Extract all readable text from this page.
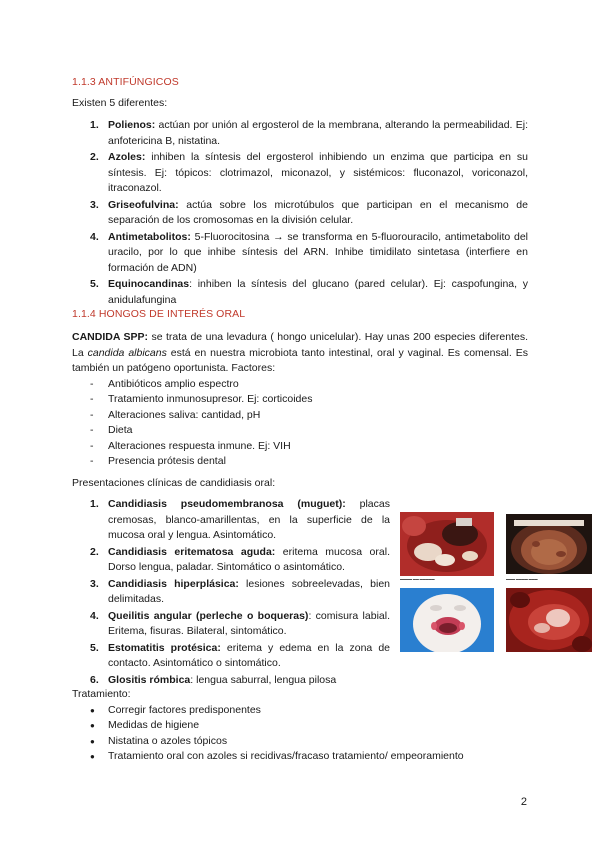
1.1.3 ANTIFÚNGICOS
Existen 5 diferentes:
1. Polienos: actúan por unión al ergosterol de la membrana, alterando la permeabilidad. Ej: anfotericina B, nistatina.
2. Azoles: inhiben la síntesis del ergosterol inhibiendo un enzima que participa en su síntesis. Ej: tópicos: clotrimazol, miconazol, y sistémicos: fluconazol, voriconazol, itraconazol.
3. Griseofulvina: actúa sobre los microtúbulos que participan en el mecanismo de separación de los cromosomas en la división celular.
4. Antimetabolitos: 5-Fluorocitosina → se transforma en 5-fluorouracilo, antimetabolito del uracilo, por lo que inhibe síntesis del ARN. Inhibe timidilato sintetasa (interfiere en formación de ADN)
5. Equinocandinas: inhiben la síntesis del glucano (pared celular). Ej: caspofungina, y anidulafungina
1.1.4 HONGOS DE INTERÉS ORAL
CANDIDA SPP: se trata de una levadura ( hongo unicelular). Hay unas 200 especies diferentes. La candida albicans está en nuestra microbiota tanto intestinal, oral y vaginal. Es comensal. Es también un patógeno oportunista. Factores:
- Antibióticos amplio espectro
- Tratamiento inmunosupresor. Ej: corticoides
- Alteraciones saliva: cantidad, pH
- Dieta
- Alteraciones respuesta inmune. Ej: VIH
- Presencia prótesis dental
Presentaciones clínicas de candidiasis oral:
1. Candidiasis pseudomembranosa (muguet): placas cremosas, blanco-amarillentas, en la superficie de la mucosa oral y lengua. Asintomático.
2. Candidiasis eritematosa aguda: eritema mucosa oral. Dorso lengua, paladar. Sintomático o asintomático.
3. Candidiasis hiperplásica: lesiones sobreelevadas, bien delimitadas.
4. Queilitis angular (perleche o boqueras): comisura labial. Eritema, fisuras. Bilateral, sintomático.
5. Estomatitis protésica: eritema y edema en la zona de contacto. Asintomático o sintomático.
6. Glositis rómbica: lengua saburral, lengua pilosa
▬▬▬▬ ▬▬ ▬▬▬▬▬	▬▬▬ ▬▬▬▬ ▬▬▬
Tratamiento:
● Corregir factores predisponentes
● Medidas de higiene
● Nistatina o azoles tópicos
● Tratamiento oral con azoles si recidivas/fracaso tratamiento/ empeoramiento
2
